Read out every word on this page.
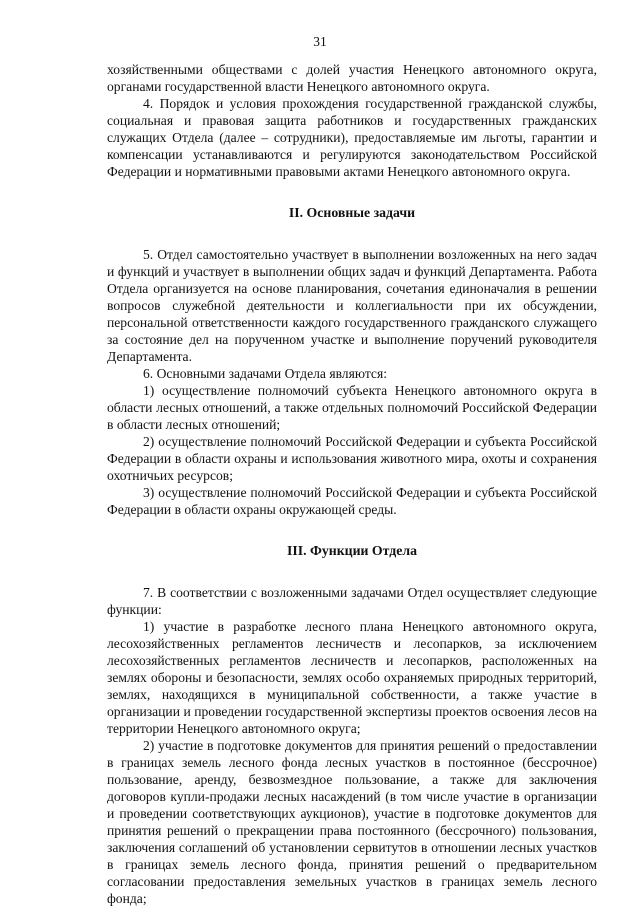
31

хозяйственными обществами с долей участия Ненецкого автономного округа, органами государственной власти Ненецкого автономного округа.

4. Порядок и условия прохождения государственной гражданской службы, социальная и правовая защита работников и государственных гражданских служащих Отдела (далее – сотрудники), предоставляемые им льготы, гарантии и компенсации устанавливаются и регулируются законодательством Российской Федерации и нормативными правовыми актами Ненецкого автономного округа.

II. Основные задачи

5. Отдел самостоятельно участвует в выполнении возложенных на него задач и функций и участвует в выполнении общих задач и функций Департамента. Работа Отдела организуется на основе планирования, сочетания единоначалия в решении вопросов служебной деятельности и коллегиальности при их обсуждении, персональной ответственности каждого государственного гражданского служащего за состояние дел на порученном участке и выполнение поручений руководителя Департамента.

6. Основными задачами Отдела являются:

1) осуществление полномочий субъекта Ненецкого автономного округа в области лесных отношений, а также отдельных полномочий Российской Федерации в области лесных отношений;

2) осуществление полномочий Российской Федерации и субъекта Российской Федерации в области охраны и использования животного мира, охоты и сохранения охотничьих ресурсов;

3) осуществление полномочий Российской Федерации и субъекта Российской Федерации в области охраны окружающей среды.

III. Функции Отдела

7. В соответствии с возложенными задачами Отдел осуществляет следующие функции:

1) участие в разработке лесного плана Ненецкого автономного округа, лесохозяйственных регламентов лесничеств и лесопарков, за исключением лесохозяйственных регламентов лесничеств и лесопарков, расположенных на землях обороны и безопасности, землях особо охраняемых природных территорий, землях, находящихся в муниципальной собственности, а также участие в организации и проведении государственной экспертизы проектов освоения лесов на территории Ненецкого автономного округа;

2) участие в подготовке документов для принятия решений о предоставлении в границах земель лесного фонда лесных участков в постоянное (бессрочное) пользование, аренду, безвозмездное пользование, а также для заключения договоров купли-продажи лесных насаждений (в том числе участие в организации и проведении соответствующих аукционов), участие в подготовке документов для принятия решений о прекращении права постоянного (бессрочного) пользования, заключения соглашений об установлении сервитутов в отношении лесных участков в границах земель лесного фонда, принятия решений о предварительном согласовании предоставления земельных участков в границах земель лесного фонда;
